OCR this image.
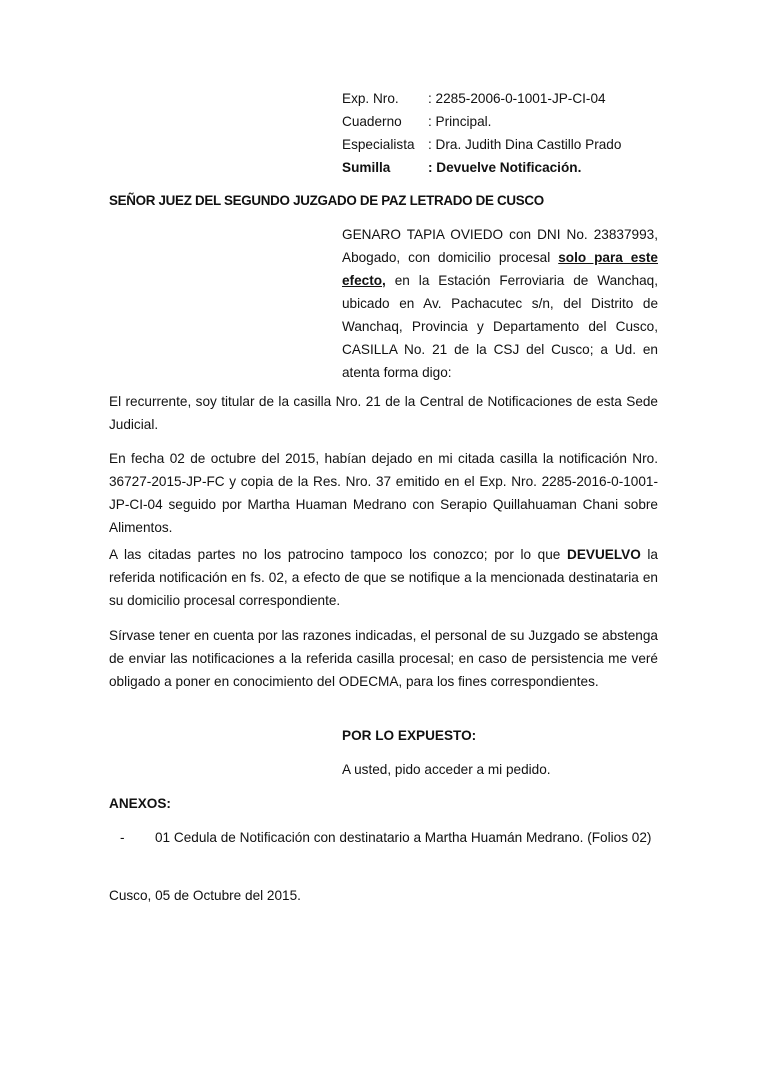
Exp. Nro.	: 2285-2006-0-1001-JP-CI-04
Cuaderno	: Principal.
Especialista	: Dra. Judith Dina Castillo Prado
Sumilla	: Devuelve Notificación.
SEÑOR JUEZ DEL SEGUNDO JUZGADO DE PAZ LETRADO DE CUSCO
GENARO TAPIA OVIEDO con DNI No. 23837993, Abogado, con domicilio procesal solo para este efecto, en la Estación Ferroviaria de Wanchaq, ubicado en Av. Pachacutec s/n, del Distrito de Wanchaq, Provincia y Departamento del Cusco, CASILLA No. 21 de la CSJ del Cusco; a Ud. en atenta forma digo:
El recurrente, soy titular de la casilla Nro. 21 de la Central de Notificaciones de esta Sede Judicial.
En fecha 02 de octubre del 2015, habían dejado en mi citada casilla la notificación Nro. 36727-2015-JP-FC y copia de la Res. Nro. 37 emitido en el Exp. Nro. 2285-2016-0-1001-JP-CI-04 seguido por Martha Huaman Medrano con Serapio Quillahuaman Chani sobre Alimentos.
A las citadas partes no los patrocino tampoco los conozco; por lo que DEVUELVO la referida notificación en fs. 02, a efecto de que se notifique a la mencionada destinataria en su domicilio procesal correspondiente.
Sírvase tener en cuenta por las razones indicadas, el personal de su Juzgado se abstenga de enviar las notificaciones a la referida casilla procesal; en caso de persistencia me veré obligado a poner en conocimiento del ODECMA, para los fines correspondientes.
POR LO EXPUESTO:
A usted, pido acceder a mi pedido.
ANEXOS:
- 01 Cedula de Notificación con destinatario a Martha Huamán Medrano. (Folios 02)
Cusco, 05 de Octubre del 2015.
